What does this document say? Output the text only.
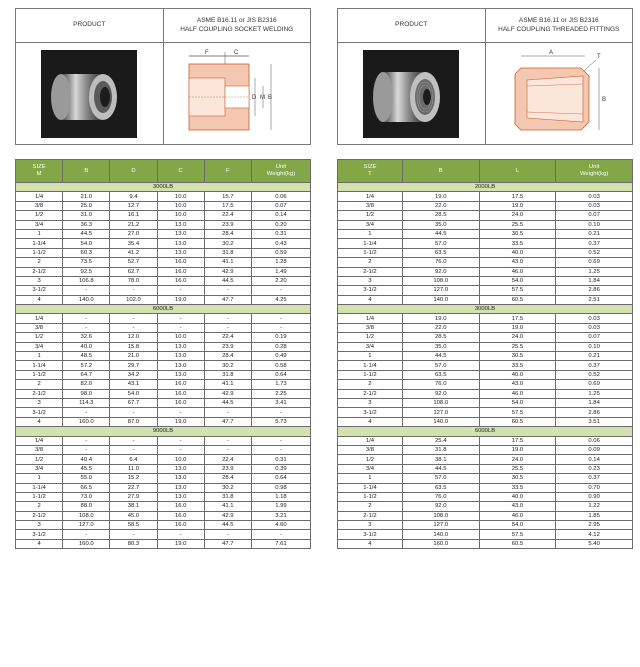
PRODUCT
ASME B16.11 or JIS B2316
HALF COUPLING SOCKET WELDING
F	C
D M B
SIZE
M	B	D	C	F	Unit
Weight(kg)
3000LB					
1/4	21.0	9.4	10.0	15.7	0.06
3/8	25.0	12.7	10.0	17.5	0.07
1/2	31.0	16.1	10.0	22.4	0.14
3/4	36.3	21.2	13.0	23.9	0.20
1	44.5	27.0	13.0	28.4	0.31
1-1/4	54.0	35.4	13.0	30.2	0.43
1-1/2	60.3	41.2	13.0	31.8	0.59
2	73.5	52.7	16.0	41.1	1.28
2-1/2	92.5	62.7	16.0	42.9	1.49
3	106.8	78.0	16.0	44.5	2.20
3-1/2	-	-	-	-	-
4	140.0	102.0	19.0	47.7	4.25
6000LB					
1/4	-	-	-	-	-
3/8	-	-	-	-	-
1/2	32.6	12.0	10.0	22.4	0.19
3/4	40.0	15.8	13.0	23.9	0.28
1	48.5	21.0	13.0	28.4	0.49
1-1/4	57.2	29.7	13.0	30.2	0.58
1-1/2	64.7	34.2	13.0	31.8	0.64
2	82.0	43.1	16.0	41.1	1.73
2-1/2	98.0	54.0	16.0	42.9	2.25
3	114.3	67.7	16.0	44.5	3.41
3-1/2	-	-	-	-	-
4	160.0	87.0	19.0	47.7	5.73
9000LB					
1/4	-	-	-	-	-
3/8	-	-	-	-	-
1/2	40.4	6.4	10.0	22.4	0.31
3/4	45.5	11.0	13.0	23.9	0.39
1	55.0	15.2	13.0	28.4	0.64
1-1/4	66.5	22.7	13.0	30.2	0.98
1-1/2	73.0	27.9	13.0	31.8	1.18
2	88.0	38.1	16.0	41.1	1.99
2-1/2	108.0	45.0	16.0	42.9	3.21
3	127.0	58.5	16.0	44.5	4.60
3-1/2	-	-	-	-	-
4	160.0	80.3	19.0	47.7	7.61
PRODUCT
ASME B16.11 or JIS B2316
HALF COUPLING THREADED FITTINGS
A
T
B
SIZE
T	B	L	Unit
Weight(kg)
2000LB			
1/4	19.0	17.5	0.03
3/8	22.0	19.0	0.03
1/2	28.5	24.0	0.07
3/4	35.0	25.5	0.10
1	44.5	30.5	0.21
1-1/4	57.0	33.5	0.37
1-1/2	63.5	40.0	0.52
2	76.0	43.0	0.69
2-1/2	92.0	46.0	1.25
3	108.0	54.0	1.84
3-1/2	127.0	57.5	2.86
4	140.0	60.5	2.51
3000LB			
1/4	19.0	17.5	0.03
3/8	22.0	19.0	0.03
1/2	28.5	24.0	0.07
3/4	35.0	25.5	0.10
1	44.5	30.5	0.21
1-1/4	57.0	33.5	0.37
1-1/2	63.5	40.0	0.52
2	76.0	43.0	0.69
2-1/2	92.0	46.0	1.25
3	108.0	54.0	1.84
3-1/2	127.0	57.5	2.86
4	140.0	60.5	3.51
6000LB			
1/4	25.4	17.5	0.06
3/8	31.8	19.0	0.09
1/2	38.1	24.0	0.14
3/4	44.5	25.5	0.23
1	57.0	30.5	0.37
1-1/4	63.5	33.5	0.70
1-1/2	76.0	40.0	0.90
2	92.0	43.0	1.22
2-1/2	108.0	46.0	1.85
3	127.0	54.0	2.95
3-1/2	140.0	57.5	4.12
4	160.0	60.5	5.40
